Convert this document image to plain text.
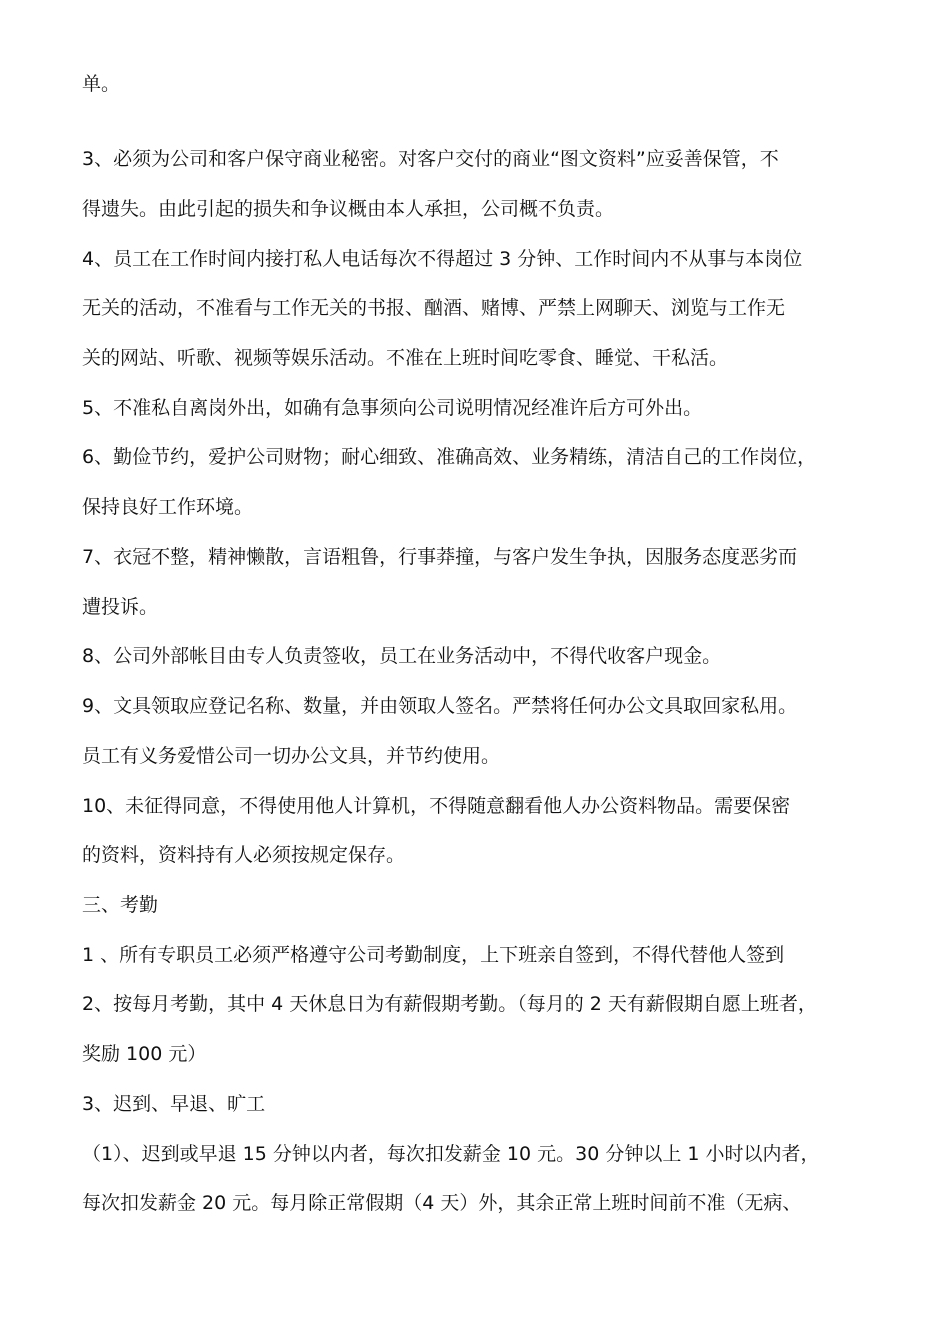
单。
3、必须为公司和客户保守商业秘密。对客户交付的商业“图文资料”应妥善保管，不
得遗失。由此引起的损失和争议概由本人承担，公司概不负责。
4、员工在工作时间内接打私人电话每次不得超过 3 分钟、工作时间内不从事与本岗位
无关的活动，不准看与工作无关的书报、酗酒、赌博、严禁上网聊天、浏览与工作无
关的网站、听歌、视频等娱乐活动。不准在上班时间吃零食、睡觉、干私活。
5、不准私自离岗外出，如确有急事须向公司说明情况经准许后方可外出。
6、勤俭节约，爱护公司财物；耐心细致、准确高效、业务精练，清洁自己的工作岗位，
保持良好工作环境。
7、衣冠不整，精神懒散，言语粗鲁，行事莽撞，与客户发生争执，因服务态度恶劣而
遭投诉。
8、公司外部帐目由专人负责签收，员工在业务活动中，不得代收客户现金。
9、文具领取应登记名称、数量，并由领取人签名。严禁将任何办公文具取回家私用。
员工有义务爱惜公司一切办公文具，并节约使用。
10、未征得同意，不得使用他人计算机，不得随意翻看他人办公资料物品。需要保密
的资料，资料持有人必须按规定保存。
三、考勤
1 、所有专职员工必须严格遵守公司考勤制度，上下班亲自签到，不得代替他人签到
2、按每月考勤，其中 4 天休息日为有薪假期考勤。（每月的 2 天有薪假期自愿上班者，
奖励 100 元）
3、迟到、早退、旷工
（1）、迟到或早退 15 分钟以内者，每次扣发薪金 10 元。30 分钟以上 1 小时以内者，
每次扣发薪金 20 元。每月除正常假期（4 天）外，其余正常上班时间前不准（无病、
